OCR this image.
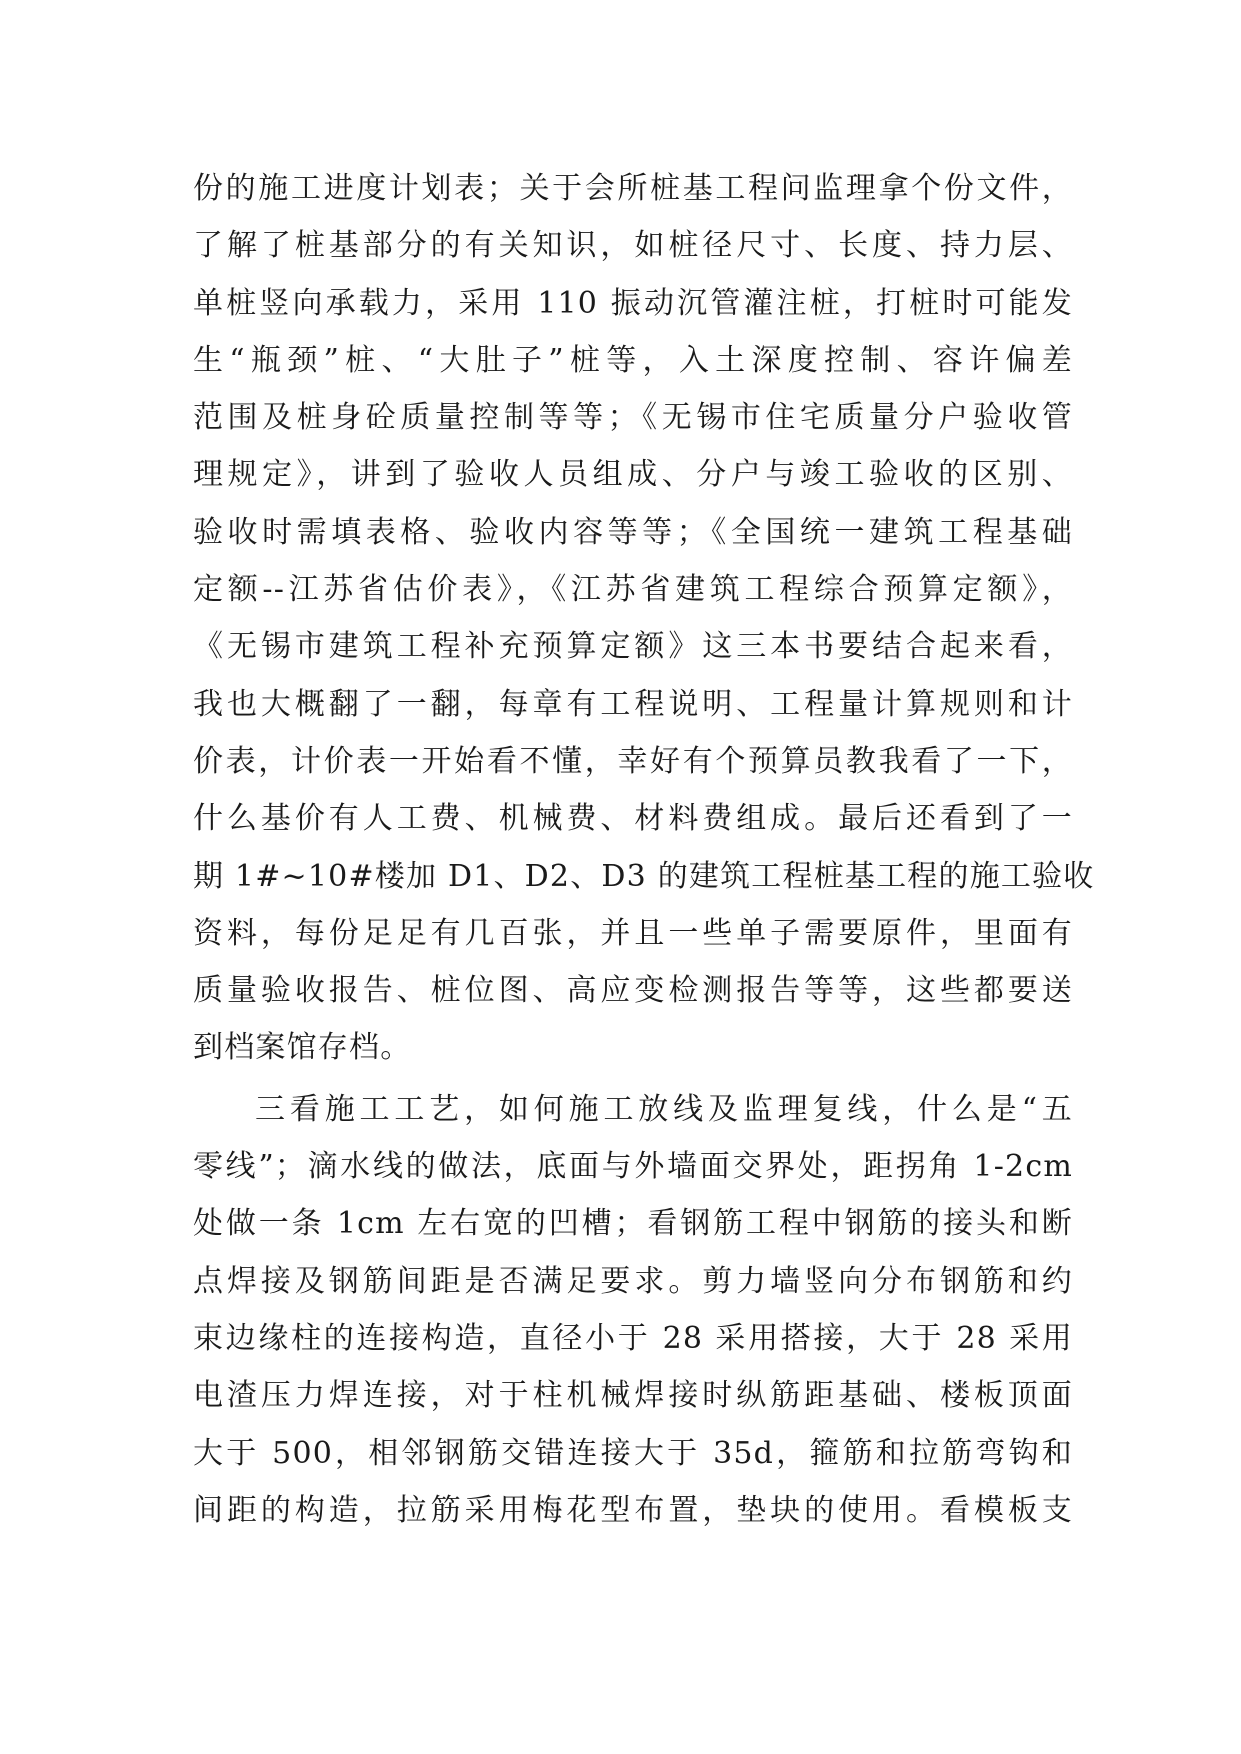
份的施工进度计划表；关于会所桩基工程问监理拿个份文件，
了解了桩基部分的有关知识，如桩径尺寸、长度、持力层、
单桩竖向承载力，采用 110 振动沉管灌注桩，打桩时可能发
生“瓶颈”桩、“大肚子”桩等，入土深度控制、容许偏差
范围及桩身砼质量控制等等；《无锡市住宅质量分户验收管
理规定》，讲到了验收人员组成、分户与竣工验收的区别、
验收时需填表格、验收内容等等；《全国统一建筑工程基础
定额--江苏省估价表》，《江苏省建筑工程综合预算定额》，
《无锡市建筑工程补充预算定额》这三本书要结合起来看，
我也大概翻了一翻，每章有工程说明、工程量计算规则和计
价表，计价表一开始看不懂，幸好有个预算员教我看了一下，
什么基价有人工费、机械费、材料费组成。最后还看到了一
期 1#~10#楼加 D1、D2、D3 的建筑工程桩基工程的施工验收
资料，每份足足有几百张，并且一些单子需要原件，里面有
质量验收报告、桩位图、高应变检测报告等等，这些都要送
到档案馆存档。
三看施工工艺，如何施工放线及监理复线，什么是“五
零线”；滴水线的做法，底面与外墙面交界处，距拐角 1-2cm
处做一条 1cm 左右宽的凹槽；看钢筋工程中钢筋的接头和断
点焊接及钢筋间距是否满足要求。剪力墙竖向分布钢筋和约
束边缘柱的连接构造，直径小于 28 采用搭接，大于 28 采用
电渣压力焊连接，对于柱机械焊接时纵筋距基础、楼板顶面
大于 500，相邻钢筋交错连接大于 35d，箍筋和拉筋弯钩和
间距的构造，拉筋采用梅花型布置，垫块的使用。看模板支
